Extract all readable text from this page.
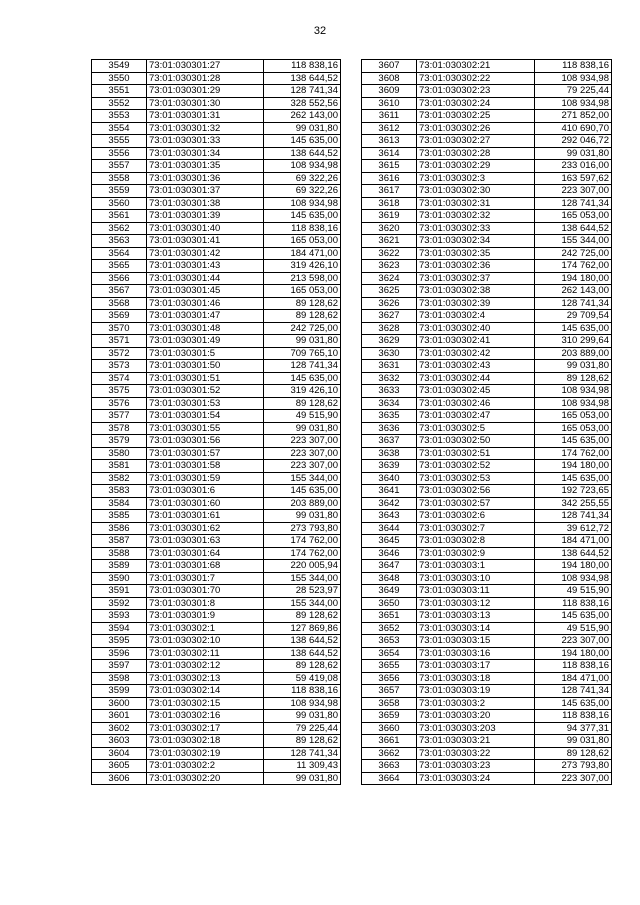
32
3549	73:01:030301:27	118 838,16
3550	73:01:030301:28	138 644,52
3551	73:01:030301:29	128 741,34
3552	73:01:030301:30	328 552,56
3553	73:01:030301:31	262 143,00
3554	73:01:030301:32	99 031,80
3555	73:01:030301:33	145 635,00
3556	73:01:030301:34	138 644,52
3557	73:01:030301:35	108 934,98
3558	73:01:030301:36	69 322,26
3559	73:01:030301:37	69 322,26
3560	73:01:030301:38	108 934,98
3561	73:01:030301:39	145 635,00
3562	73:01:030301:40	118 838,16
3563	73:01:030301:41	165 053,00
3564	73:01:030301:42	184 471,00
3565	73:01:030301:43	319 426,10
3566	73:01:030301:44	213 598,00
3567	73:01:030301:45	165 053,00
3568	73:01:030301:46	89 128,62
3569	73:01:030301:47	89 128,62
3570	73:01:030301:48	242 725,00
3571	73:01:030301:49	99 031,80
3572	73:01:030301:5	709 765,10
3573	73:01:030301:50	128 741,34
3574	73:01:030301:51	145 635,00
3575	73:01:030301:52	319 426,10
3576	73:01:030301:53	89 128,62
3577	73:01:030301:54	49 515,90
3578	73:01:030301:55	99 031,80
3579	73:01:030301:56	223 307,00
3580	73:01:030301:57	223 307,00
3581	73:01:030301:58	223 307,00
3582	73:01:030301:59	155 344,00
3583	73:01:030301:6	145 635,00
3584	73:01:030301:60	203 889,00
3585	73:01:030301:61	99 031,80
3586	73:01:030301:62	273 793,80
3587	73:01:030301:63	174 762,00
3588	73:01:030301:64	174 762,00
3589	73:01:030301:68	220 005,94
3590	73:01:030301:7	155 344,00
3591	73:01:030301:70	28 523,97
3592	73:01:030301:8	155 344,00
3593	73:01:030301:9	89 128,62
3594	73:01:030302:1	127 869,86
3595	73:01:030302:10	138 644,52
3596	73:01:030302:11	138 644,52
3597	73:01:030302:12	89 128,62
3598	73:01:030302:13	59 419,08
3599	73:01:030302:14	118 838,16
3600	73:01:030302:15	108 934,98
3601	73:01:030302:16	99 031,80
3602	73:01:030302:17	79 225,44
3603	73:01:030302:18	89 128,62
3604	73:01:030302:19	128 741,34
3605	73:01:030302:2	11 309,43
3606	73:01:030302:20	99 031,80
3607	73:01:030302:21	118 838,16
3608	73:01:030302:22	108 934,98
3609	73:01:030302:23	79 225,44
3610	73:01:030302:24	108 934,98
3611	73:01:030302:25	271 852,00
3612	73:01:030302:26	410 690,70
3613	73:01:030302:27	292 046,72
3614	73:01:030302:28	99 031,80
3615	73:01:030302:29	233 016,00
3616	73:01:030302:3	163 597,62
3617	73:01:030302:30	223 307,00
3618	73:01:030302:31	128 741,34
3619	73:01:030302:32	165 053,00
3620	73:01:030302:33	138 644,52
3621	73:01:030302:34	155 344,00
3622	73:01:030302:35	242 725,00
3623	73:01:030302:36	174 762,00
3624	73:01:030302:37	194 180,00
3625	73:01:030302:38	262 143,00
3626	73:01:030302:39	128 741,34
3627	73:01:030302:4	29 709,54
3628	73:01:030302:40	145 635,00
3629	73:01:030302:41	310 299,64
3630	73:01:030302:42	203 889,00
3631	73:01:030302:43	99 031,80
3632	73:01:030302:44	89 128,62
3633	73:01:030302:45	108 934,98
3634	73:01:030302:46	108 934,98
3635	73:01:030302:47	165 053,00
3636	73:01:030302:5	165 053,00
3637	73:01:030302:50	145 635,00
3638	73:01:030302:51	174 762,00
3639	73:01:030302:52	194 180,00
3640	73:01:030302:53	145 635,00
3641	73:01:030302:56	192 723,65
3642	73:01:030302:57	342 255,55
3643	73:01:030302:6	128 741,34
3644	73:01:030302:7	39 612,72
3645	73:01:030302:8	184 471,00
3646	73:01:030302:9	138 644,52
3647	73:01:030303:1	194 180,00
3648	73:01:030303:10	108 934,98
3649	73:01:030303:11	49 515,90
3650	73:01:030303:12	118 838,16
3651	73:01:030303:13	145 635,00
3652	73:01:030303:14	49 515,90
3653	73:01:030303:15	223 307,00
3654	73:01:030303:16	194 180,00
3655	73:01:030303:17	118 838,16
3656	73:01:030303:18	184 471,00
3657	73:01:030303:19	128 741,34
3658	73:01:030303:2	145 635,00
3659	73:01:030303:20	118 838,16
3660	73:01:030303:203	94 377,31
3661	73:01:030303:21	99 031,80
3662	73:01:030303:22	89 128,62
3663	73:01:030303:23	273 793,80
3664	73:01:030303:24	223 307,00
